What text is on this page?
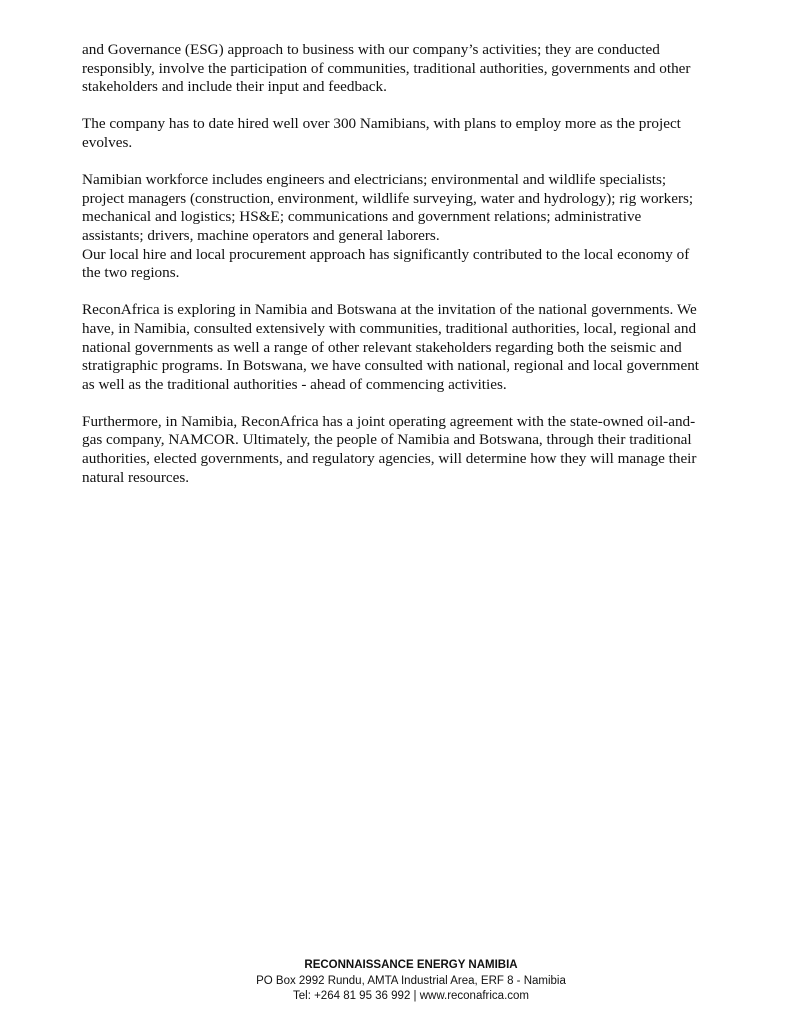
and Governance (ESG) approach to business with our company’s activities; they are conducted
responsibly, involve the participation of communities, traditional authorities, governments and other
stakeholders and include their input and feedback.

The company has to date hired well over 300 Namibians, with plans to employ more as the project
evolves.

Namibian workforce includes engineers and electricians; environmental and wildlife specialists;
project managers (construction, environment, wildlife surveying, water and hydrology); rig workers;
mechanical and logistics; HS&E; communications and government relations; administrative
assistants; drivers, machine operators and general laborers.

Our local hire and local procurement approach has significantly contributed to the local economy of
the two regions.

ReconAfrica is exploring in Namibia and Botswana at the invitation of the national governments. We
have, in Namibia, consulted extensively with communities, traditional authorities, local, regional and
national governments as well a range of other relevant stakeholders regarding both the seismic and
stratigraphic programs. In Botswana, we have consulted with national, regional and local government
as well as the traditional authorities - ahead of commencing activities.

Furthermore, in Namibia, ReconAfrica has a joint operating agreement with the state-owned oil-and-
gas company, NAMCOR. Ultimately, the people of Namibia and Botswana, through their traditional
authorities, elected governments, and regulatory agencies, will determine how they will manage their
natural resources.

RECONNAISSANCE ENERGY NAMIBIA
PO Box 2992 Rundu, AMTA Industrial Area, ERF 8 - Namibia
Tel: +264 81 95 36 992 | www.reconafrica.com
